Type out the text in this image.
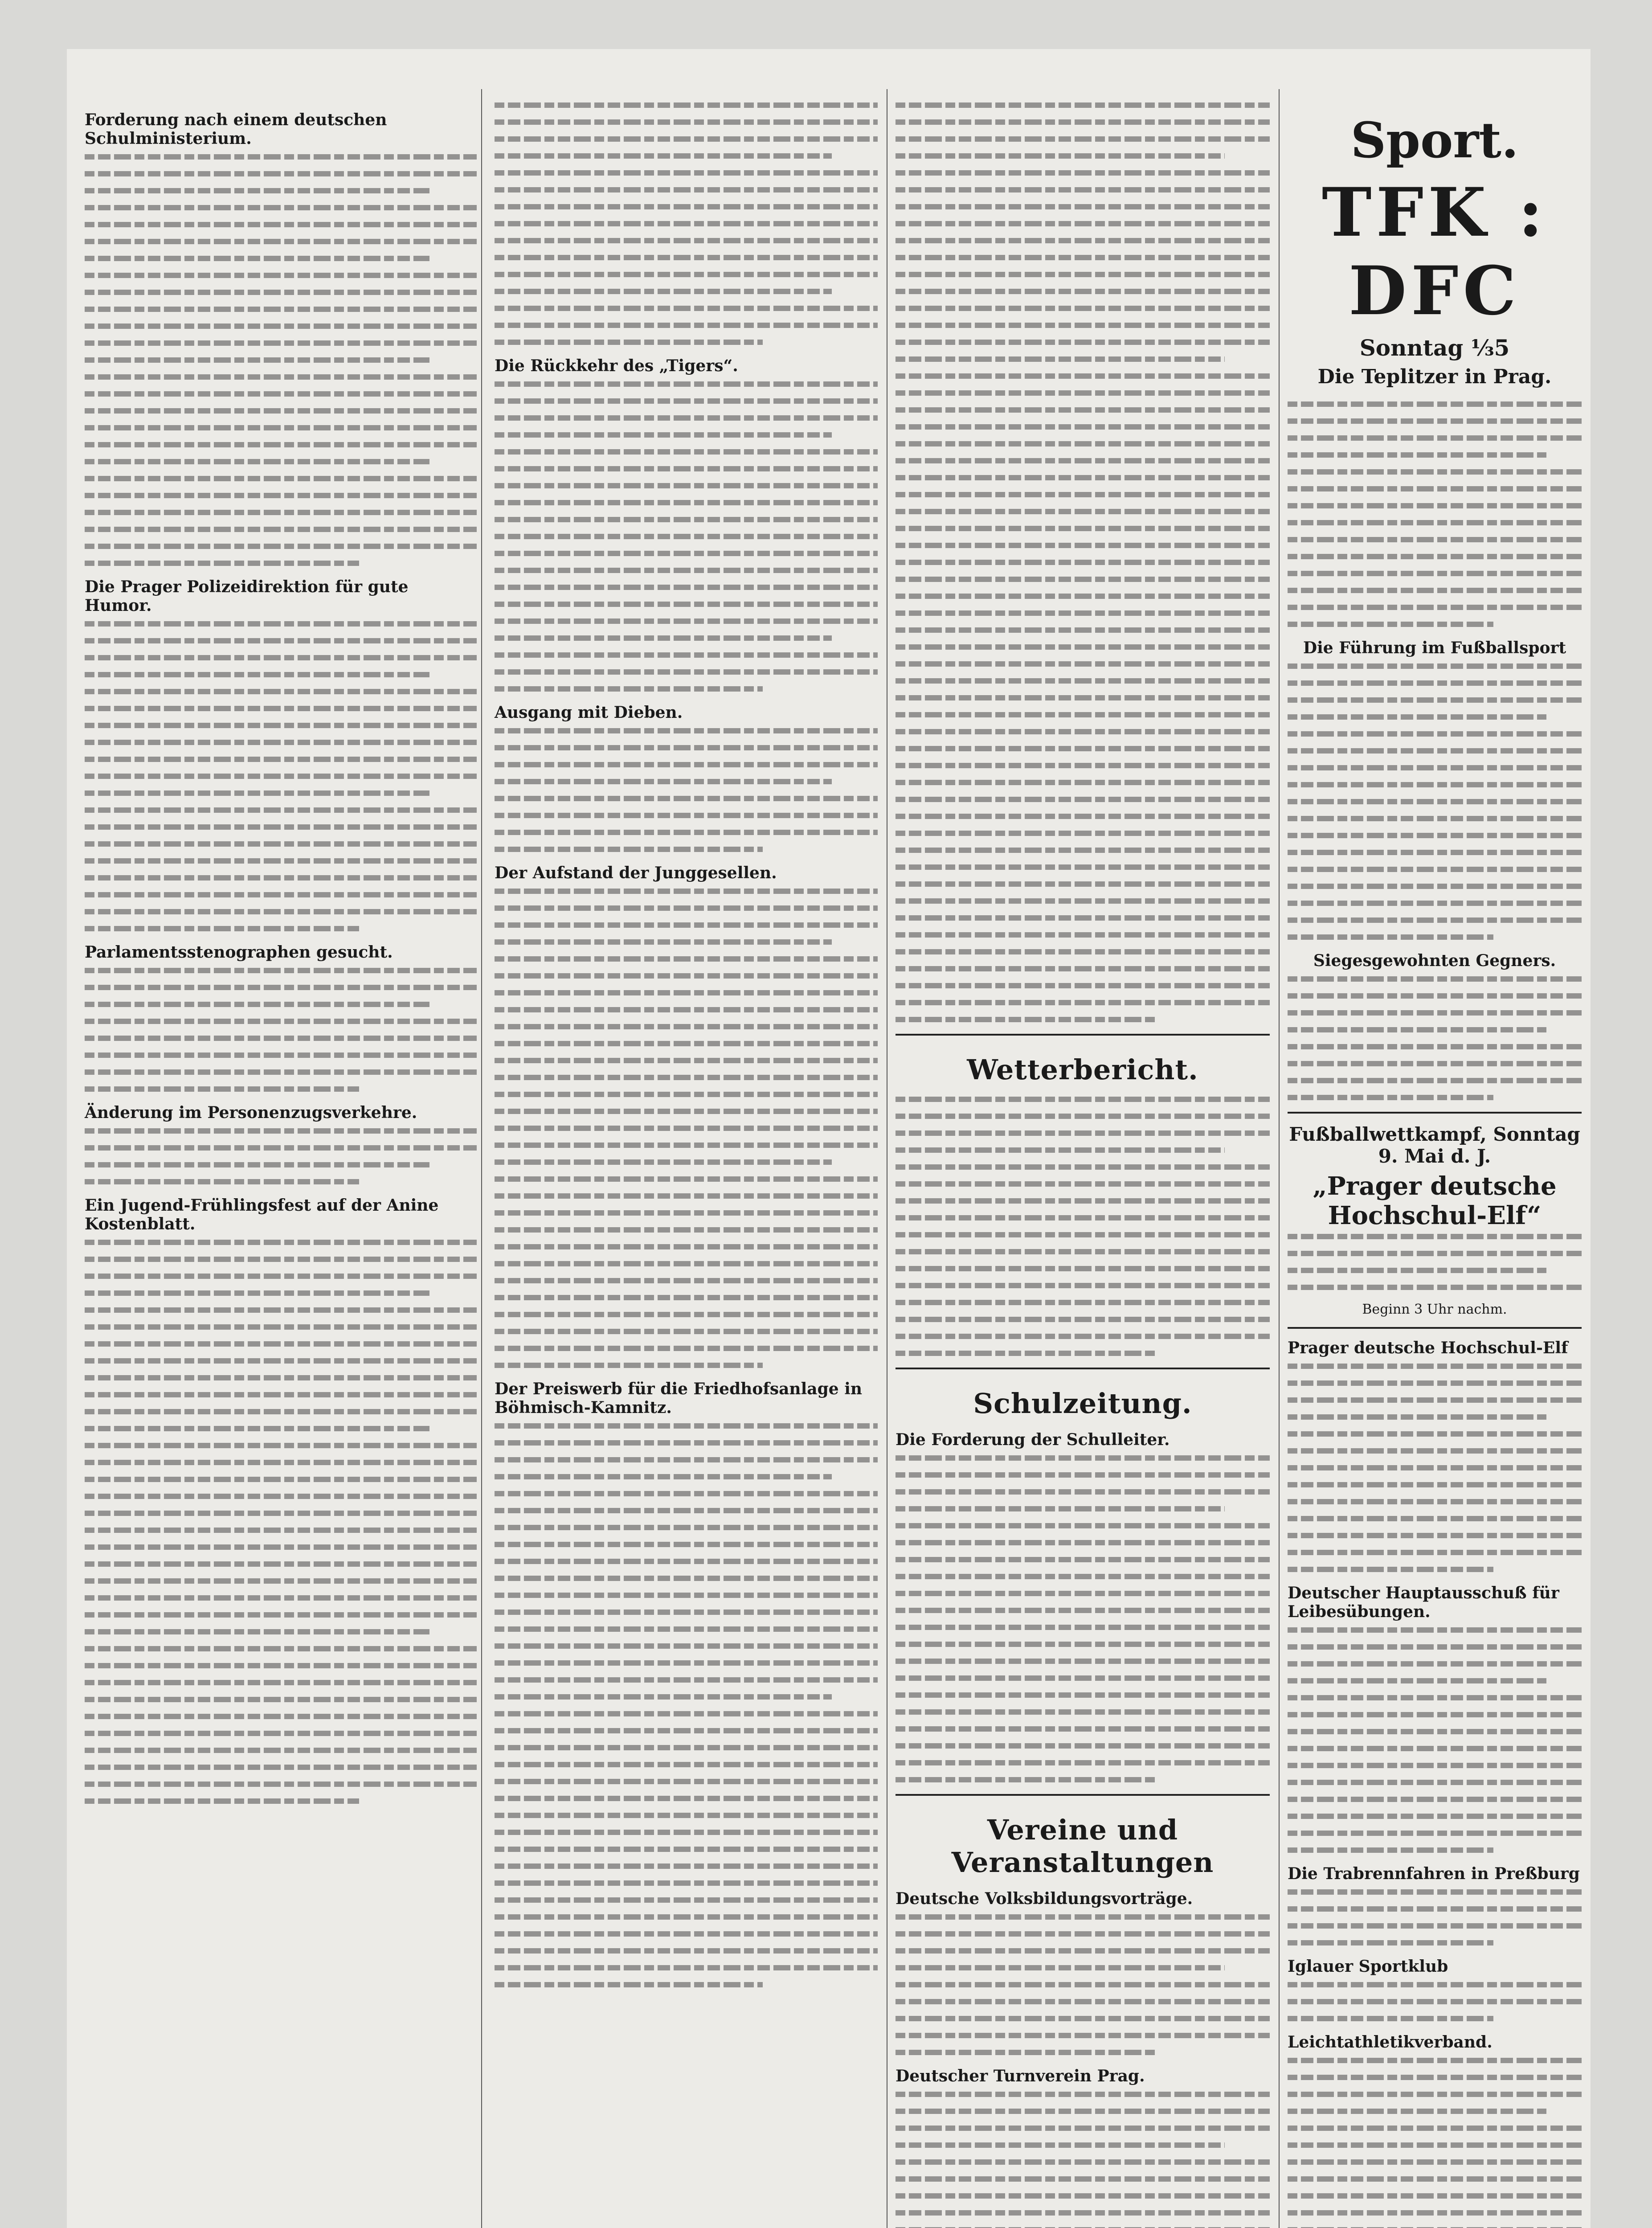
Forderung nach einem deutschen Schulministerium.
Die Prager Polizeidirektion für gute Humor.
Parlamentsstenographen gesucht.
Änderung im Personenzugsverkehre.
Ein Jugend-Frühlingsfest auf der Anine Kostenblatt.
Die Rückkehr des „Tigers“.
Ausgang mit Dieben.
Der Aufstand der Junggesellen.
Der Preiswerb für die Friedhofsanlage in Böhmisch-Kamnitz.
Wetterbericht.
Schulzeitung.
Die Forderung der Schulleiter.
Vereine und Veranstaltungen
Deutsche Volksbildungsvorträge.
Deutscher Turnverein Prag.
Sport.
TFK : DFC
Sonntag ⅓5
Die Teplitzer in Prag.
Die Führung im Fußballsport
Siegesgewohnten Gegners.
Fußballwettkampf, Sonntag 9. Mai d. J.
„Prager deutsche Hochschul-Elf“
Beginn 3 Uhr nachm.
Prager deutsche Hochschul-Elf
Deutscher Hauptausschuß für Leibesübungen.
Die Trabrennfahren in Preßburg
Iglauer Sportklub
Leichtathletikverband.
